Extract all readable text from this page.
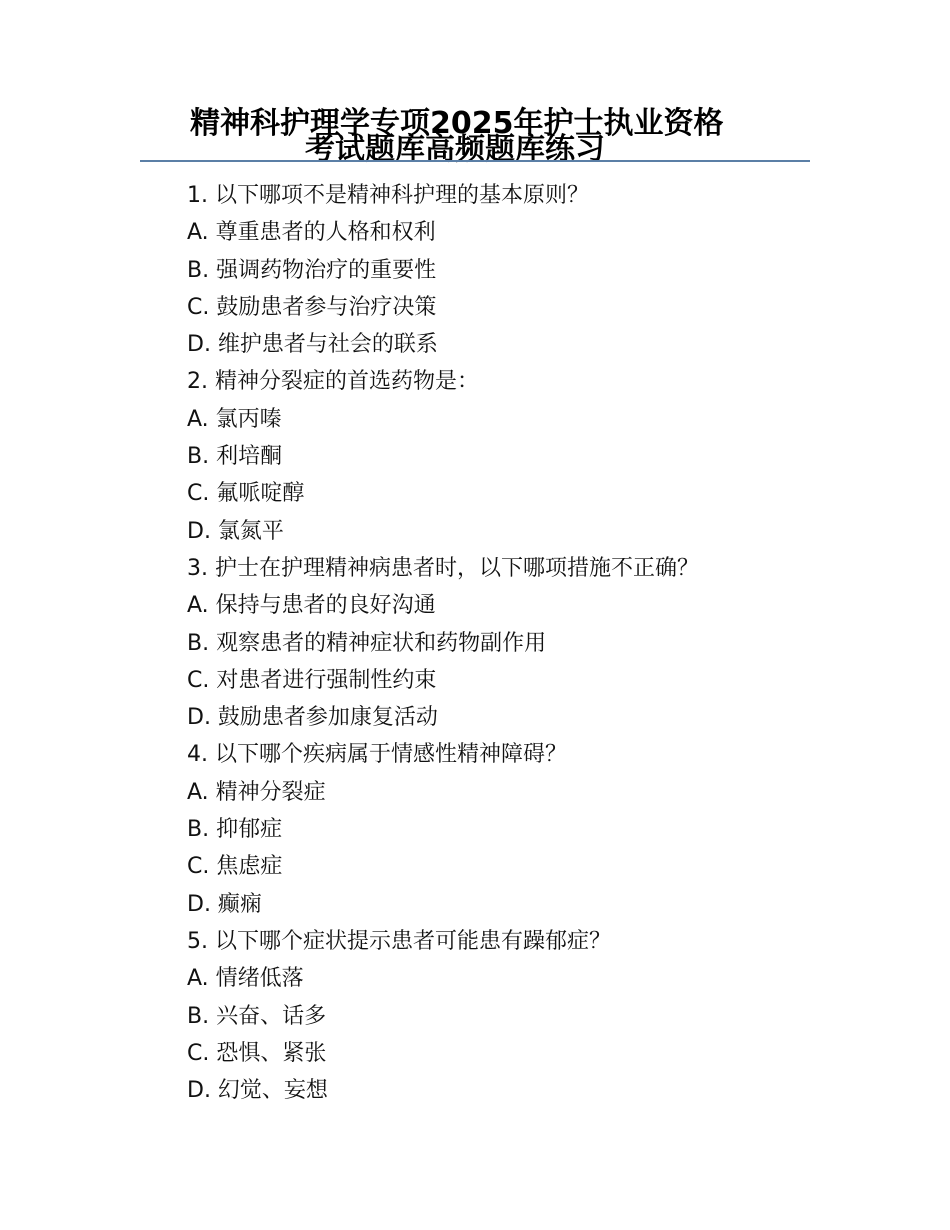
精神科护理学专项2025年护士执业资格
考试题库高频题库练习
1. 以下哪项不是精神科护理的基本原则？
A. 尊重患者的人格和权利
B. 强调药物治疗的重要性
C. 鼓励患者参与治疗决策
D. 维护患者与社会的联系
2. 精神分裂症的首选药物是：
A. 氯丙嗪
B. 利培酮
C. 氟哌啶醇
D. 氯氮平
3. 护士在护理精神病患者时，以下哪项措施不正确？
A. 保持与患者的良好沟通
B. 观察患者的精神症状和药物副作用
C. 对患者进行强制性约束
D. 鼓励患者参加康复活动
4. 以下哪个疾病属于情感性精神障碍？
A. 精神分裂症
B. 抑郁症
C. 焦虑症
D. 癫痫
5. 以下哪个症状提示患者可能患有躁郁症？
A. 情绪低落
B. 兴奋、话多
C. 恐惧、紧张
D. 幻觉、妄想
